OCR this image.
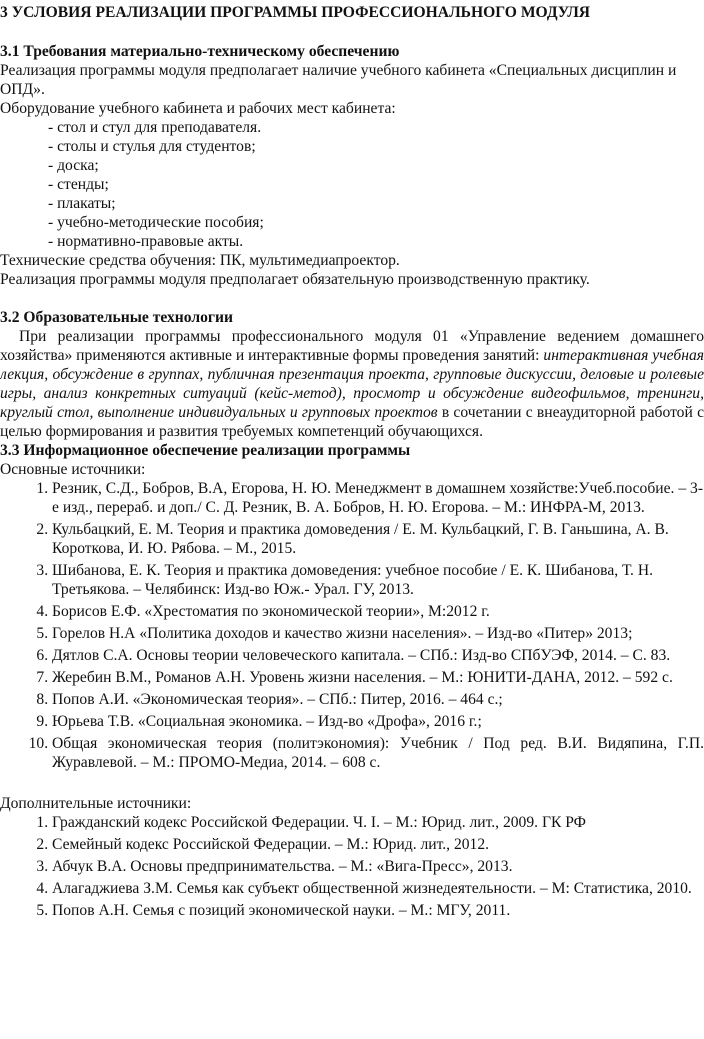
3 УСЛОВИЯ РЕАЛИЗАЦИИ ПРОГРАММЫ ПРОФЕССИОНАЛЬНОГО МОДУЛЯ
3.1 Требования материально-техническому обеспечению

Реализация программы модуля предполагает наличие учебного кабинета «Специальных дисциплин и ОПД».

Оборудование учебного кабинета и рабочих мест кабинета:

- стол и стул для преподавателя.
- столы и стулья для студентов;
- доска;
- стенды;
- плакаты;
- учебно-методические пособия;
- нормативно-правовые акты.

Технические средства обучения: ПК, мультимедиапроектор.

Реализация программы модуля предполагает обязательную производственную практику.

3.2 Образовательные технологии

При реализации программы профессионального модуля 01 «Управление ведением домашнего хозяйства» применяются активные и интерактивные формы проведения занятий: интерактивная учебная лекция, обсуждение в группах, публичная презентация проекта, групповые дискуссии, деловые и ролевые игры, анализ конкретных ситуаций (кейс-метод), просмотр и обсуждение видеофильмов, тренинги, круглый стол, выполнение индивидуальных и групповых проектов в сочетании с внеаудиторной работой с целью формирования и развития требуемых компетенций обучающихся.

3.3 Информационное обеспечение реализации программы

Основные источники:

1. Резник, С.Д., Бобров, В.А, Егорова, Н. Ю. Менеджмент в домашнем хозяйстве:Учеб.пособие. – 3-е изд., перераб. и доп./ С. Д. Резник, В. А. Бобров, Н. Ю. Егорова. – М.: ИНФРА-М, 2013.
2. Кульбацкий, Е. М. Теория и практика домоведения / Е. М. Кульбацкий, Г. В. Ганьшина, А. В. Короткова, И. Ю. Рябова. – М., 2015.
3. Шибанова, Е. К. Теория и практика домоведения: учебное пособие / Е. К. Шибанова, Т. Н. Третьякова. – Челябинск: Изд-во Юж.- Урал. ГУ, 2013.
4. Борисов Е.Ф. «Хрестоматия по экономической теории», М:2012 г.
5. Горелов Н.А «Политика доходов и качество жизни населения». – Изд-во «Питер» 2013;
6. Дятлов С.А. Основы теории человеческого капитала. – СПб.: Изд-во СПбУЭФ, 2014. – С. 83.
7. Жеребин В.М., Романов А.Н. Уровень жизни населения. – М.: ЮНИТИ-ДАНА, 2012. – 592 с.
8. Попов А.И. «Экономическая теория». – СПб.: Питер, 2016. – 464 с.;
9. Юрьева Т.В. «Социальная экономика. – Изд-во «Дрофа», 2016 г.;
10. Общая экономическая теория (политэкономия): Учебник / Под ред. В.И. Видяпина, Г.П. Журавлевой. – М.: ПРОМО-Медиа, 2014. – 608 с.

Дополнительные источники:

1. Гражданский кодекс Российской Федерации. Ч. I. – М.: Юрид. лит., 2009. ГК РФ
2. Семейный кодекс Российской Федерации. – М.: Юрид. лит., 2012.
3. Абчук В.А. Основы предпринимательства. – М.: «Вига-Пресс», 2013.
4. Алагаджиева З.М. Семья как субъект общественной жизнедеятельности. – М: Статистика, 2010.
5. Попов А.Н. Семья с позиций экономической науки. – М.: МГУ, 2011.
